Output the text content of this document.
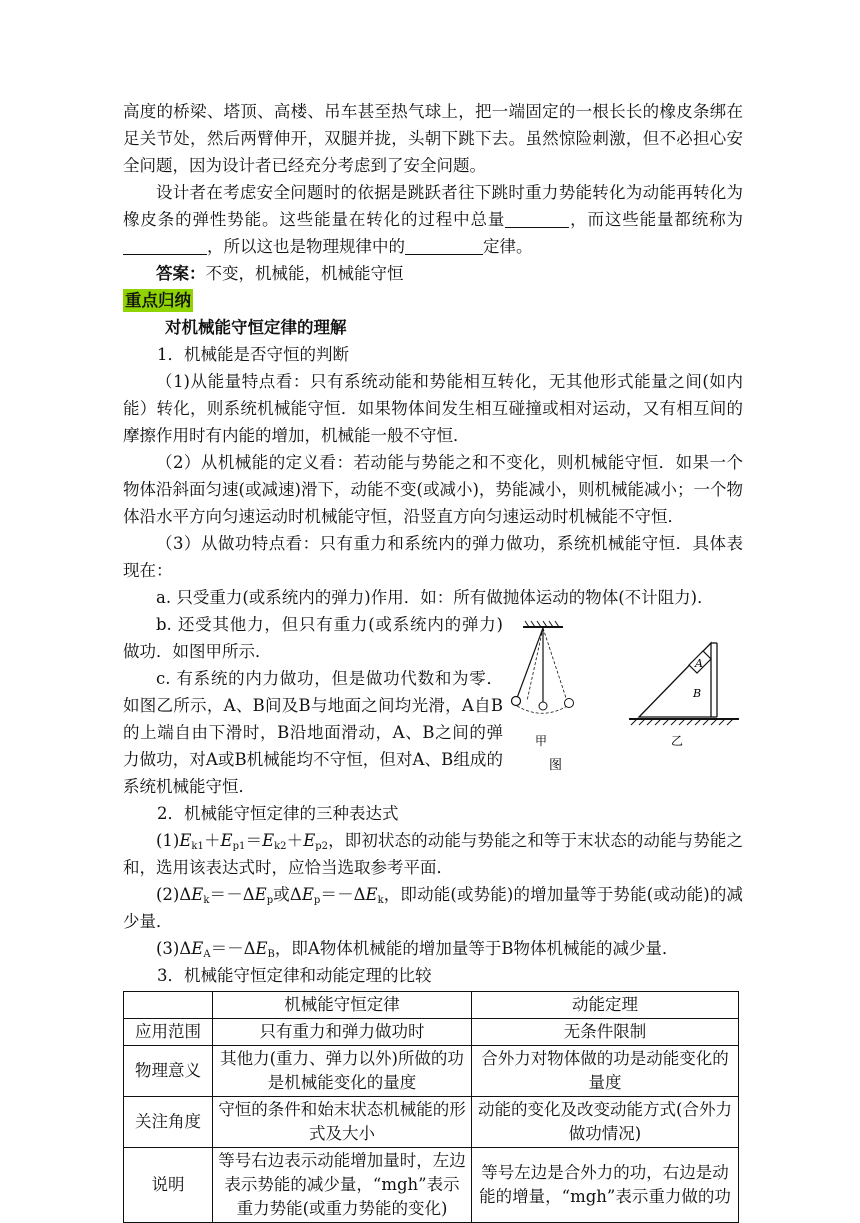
高度的桥梁、塔顶、高楼、吊车甚至热气球上，把一端固定的一根长长的橡皮条绑在足关节处，然后两臂伸开，双腿并拢，头朝下跳下去。虽然惊险刺激，但不必担心安全问题，因为设计者已经充分考虑到了安全问题。

设计者在考虑安全问题时的依据是跳跃者往下跳时重力势能转化为动能再转化为橡皮条的弹性势能。这些能量在转化的过程中总量	，而这些能量都统称为，所以这也是物理规律中的	定律。

答案：不变，机械能，机械能守恒

重点归纳

对机械能守恒定律的理解

1．机械能是否守恒的判断

（1)从能量特点看：只有系统动能和势能相互转化，无其他形式能量之间(如内能）转化，则系统机械能守恒．如果物体间发生相互碰撞或相对运动，又有相互间的摩擦作用时有内能的增加，机械能一般不守恒．

（2）从机械能的定义看：若动能与势能之和不变化，则机械能守恒．如果一个物体沿斜面匀速(或减速)滑下，动能不变(或减小)，势能减小，则机械能减小；一个物体沿水平方向匀速运动时机械能守恒，沿竖直方向匀速运动时机械能不守恒．

（3）从做功特点看：只有重力和系统内的弹力做功，系统机械能守恒．具体表现在：

a. 只受重力(或系统内的弹力)作用．如：所有做抛体运动的物体(不计阻力)．

甲
图
A
B
乙

b. 还受其他力，但只有重力(或系统内的弹力)做功．如图甲所示．

c. 有系统的内力做功，但是做功代数和为零．如图乙所示，A、B间及B与地面之间均光滑，A自B的上端自由下滑时，B沿地面滑动，A、B之间的弹力做功，对A或B机械能均不守恒，但对A、B组成的系统机械能守恒．

2．机械能守恒定律的三种表达式

$(1)E_{k1}+E_{p1}=E_{k2}+E_{p2}$，即初状态的动能与势能之和等于末状态的动能与势能之和，选用该表达式时，应恰当选取参考平面．

$(2)\Delta E_k=-\Delta E_p$或$\Delta E_p=-\Delta E_k$，即动能(或势能)的增加量等于势能(或动能)的减少量．

$(3)\Delta E_A=-\Delta E_B$，即A物体机械能的增加量等于B物体机械能的减少量．

3．机械能守恒定律和动能定理的比较

	机械能守恒定律	动能定理
应用范围	只有重力和弹力做功时	无条件限制
物理意义	其他力(重力、弹力以外)所做的功是机械能变化的量度	合外力对物体做的功是动能变化的量度
关注角度	守恒的条件和始末状态机械能的形式及大小	动能的变化及改变动能方式(合外力做功情况)
说明	等号右边表示动能增加量时，左边表示势能的减少量，“mgh”表示重力势能(或重力势能的变化)	等号左边是合外力的功，右边是动能的增量，“mgh”表示重力做的功
